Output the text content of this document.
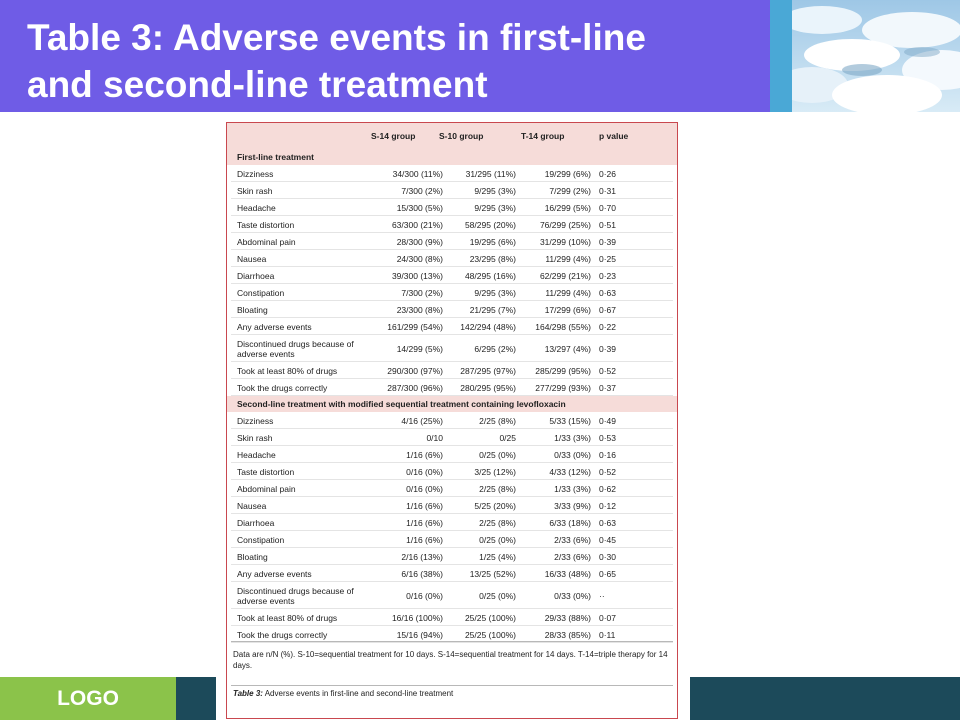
Table 3: Adverse events in first-line
and second-line treatment
LOGO
S-14 group	S-10 group	T-14 group	p value
First-line treatment
Dizziness	34/300 (11%)	31/295 (11%)	19/299 (6%) 0·26
Skin rash	7/300 (2%)	9/295 (3%)	7/299 (2%) 0·31
Headache	15/300 (5%)	9/295 (3%)	16/299 (5%) 0·70
Taste distortion	63/300 (21%)	58/295 (20%)	76/299 (25%) 0·51
Abdominal pain	28/300 (9%)	19/295 (6%)	31/299 (10%) 0·39
Nausea	24/300 (8%)	23/295 (8%)	11/299 (4%) 0·25
Diarrhoea	39/300 (13%)	48/295 (16%)	62/299 (21%) 0·23
Constipation	7/300 (2%)	9/295 (3%)	11/299 (4%) 0·63
Bloating	23/300 (8%)	21/295 (7%)	17/299 (6%) 0·67
Any adverse events	161/299 (54%)	142/294 (48%)	164/298 (55%) 0·22
Discontinued drugs because of adverse events	14/299 (5%)	6/295 (2%)	13/297 (4%) 0·39
Took at least 80% of drugs	290/300 (97%)	287/295 (97%)	285/299 (95%) 0·52
Took the drugs correctly	287/300 (96%)	280/295 (95%)	277/299 (93%) 0·37
Second-line treatment with modified sequential treatment containing levofloxacin
Dizziness	4/16 (25%)	2/25 (8%)	5/33 (15%) 0·49
Skin rash	0/10	0/25	1/33 (3%) 0·53
Headache	1/16 (6%)	0/25 (0%)	0/33 (0%) 0·16
Taste distortion	0/16 (0%)	3/25 (12%)	4/33 (12%) 0·52
Abdominal pain	0/16 (0%)	2/25 (8%)	1/33 (3%) 0·62
Nausea	1/16 (6%)	5/25 (20%)	3/33 (9%) 0·12
Diarrhoea	1/16 (6%)	2/25 (8%)	6/33 (18%) 0·63
Constipation	1/16 (6%)	0/25 (0%)	2/33 (6%) 0·45
Bloating	2/16 (13%)	1/25 (4%)	2/33 (6%) 0·30
Any adverse events	6/16 (38%)	13/25 (52%)	16/33 (48%) 0·65
Discontinued drugs because of adverse events	0/16 (0%)	0/25 (0%)	0/33 (0%) ··
Took at least 80% of drugs	16/16 (100%)	25/25 (100%)	29/33 (88%) 0·07
Took the drugs correctly	15/16 (94%)	25/25 (100%)	28/33 (85%) 0·11
Data are n/N (%). S-10=sequential treatment for 10 days. S-14=sequential treatment for 14 days. T-14=triple therapy for 14 days.
Table 3: Adverse events in first-line and second-line treatment
